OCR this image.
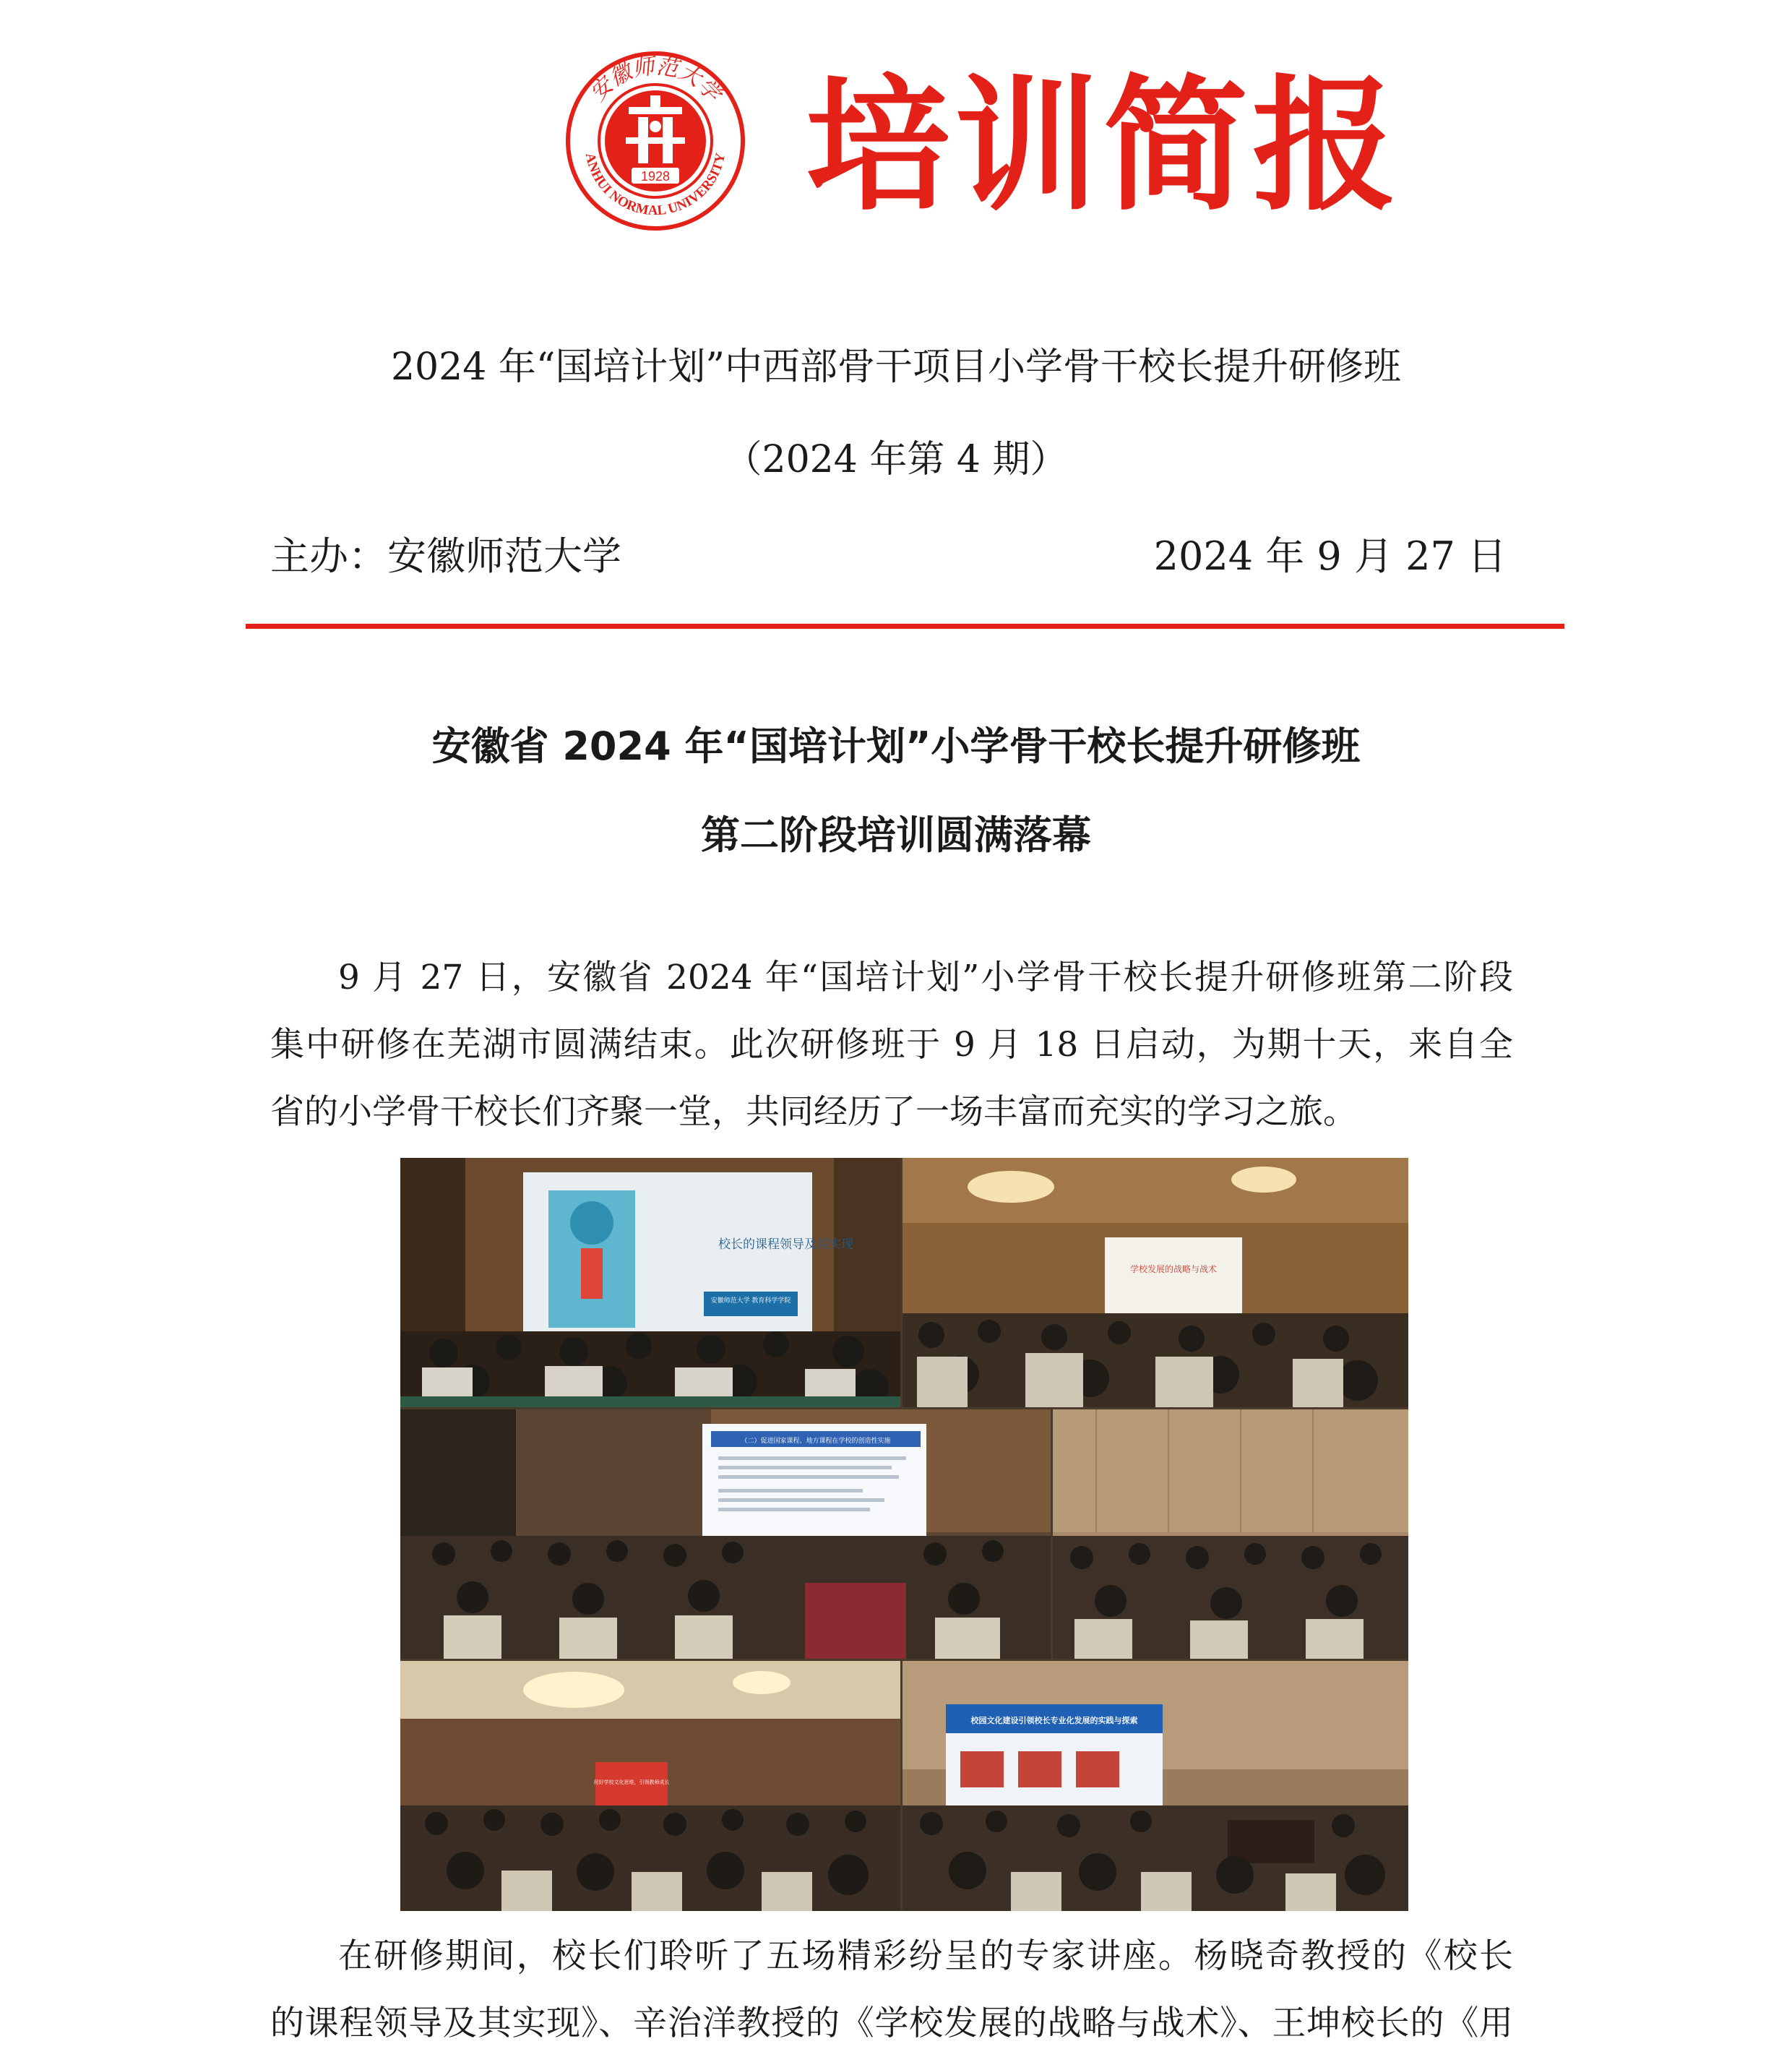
安徽师范大学
ANHUI NORMAL UNIVERSITY
1928 培训简报
2024 年“国培计划”中西部骨干项目小学骨干校长提升研修班
（2024 年第 4 期）
主办：安徽师范大学	2024 年 9 月 27 日
安徽省 2024 年“国培计划”小学骨干校长提升研修班
第二阶段培训圆满落幕
9 月 27 日，安徽省 2024 年“国培计划”小学骨干校长提升研修班第二阶段
集中研修在芜湖市圆满结束。此次研修班于 9 月 18 日启动，为期十天，来自全
省的小学骨干校长们齐聚一堂，共同经历了一场丰富而充实的学习之旅。
校长的课程领导及其实现
安徽师范大学 教育科学学院
学校发展的战略与战术
（二）促进国家课程、地方课程在学校的创造性实施
用好学校文化思维，引领教师成长
校园文化建设引领校长专业化发展的实践与探索
在研修期间，校长们聆听了五场精彩纷呈的专家讲座。杨晓奇教授的《校长
的课程领导及其实现》、辛治洋教授的《学校发展的战略与战术》、王坤校长的《用
